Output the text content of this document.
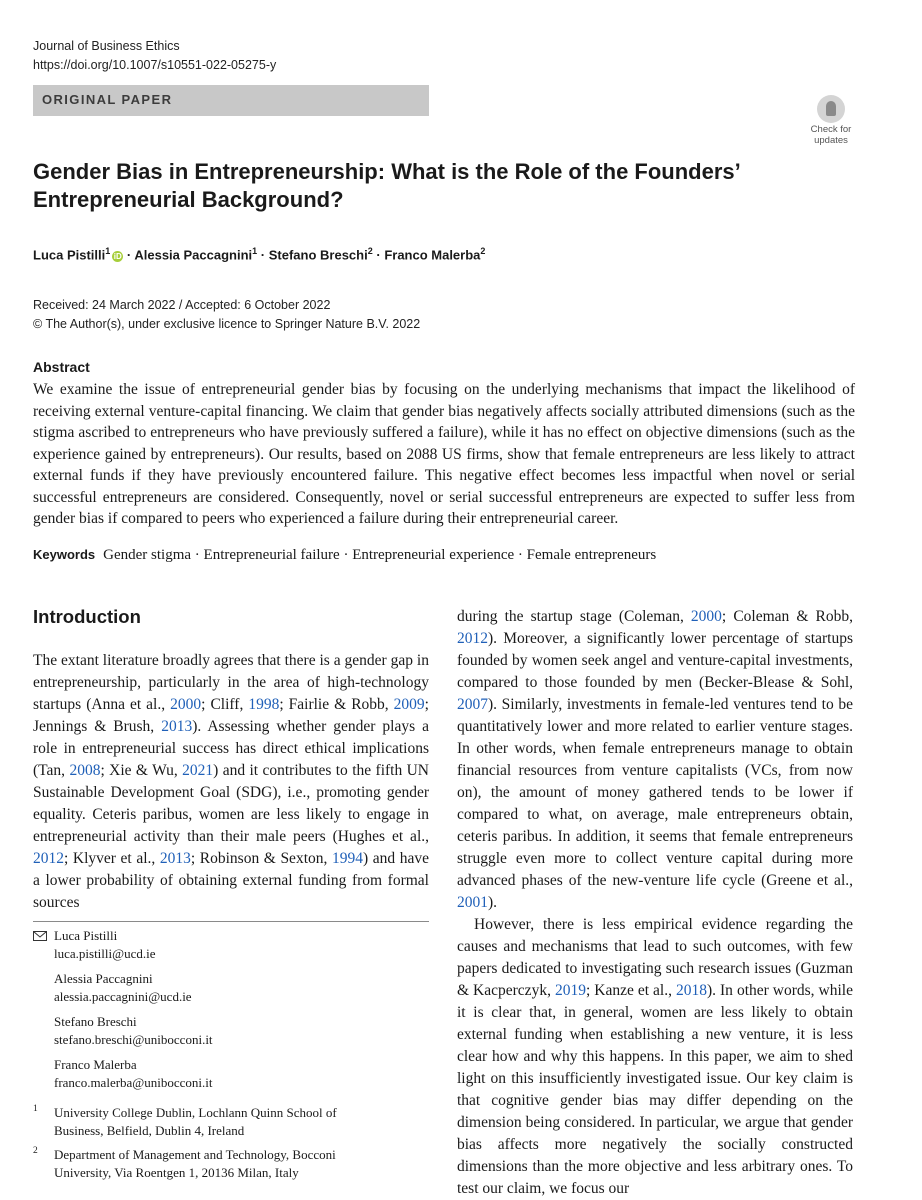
Journal of Business Ethics
https://doi.org/10.1007/s10551-022-05275-y
ORIGINAL PAPER
Check for updates
Gender Bias in Entrepreneurship: What is the Role of the Founders’ Entrepreneurial Background?
Luca Pistilli$^1$iD · Alessia Paccagnini$^1$ · Stefano Breschi$^2$ · Franco Malerba$^2$
Received: 24 March 2022 / Accepted: 6 October 2022
© The Author(s), under exclusive licence to Springer Nature B.V. 2022
Abstract

We examine the issue of entrepreneurial gender bias by focusing on the underlying mechanisms that impact the likelihood of receiving external venture-capital financing. We claim that gender bias negatively affects socially attributed dimensions (such as the stigma ascribed to entrepreneurs who have previously suffered a failure), while it has no effect on objective dimensions (such as the experience gained by entrepreneurs). Our results, based on 2088 US firms, show that female entrepreneurs are less likely to attract external funds if they have previously encountered failure. This negative effect becomes less impactful when novel or serial successful entrepreneurs are considered. Consequently, novel or serial successful entrepreneurs are expected to suffer less from gender bias if compared to peers who experienced a failure during their entrepreneurial career.

Keywords Gender stigma · Entrepreneurial failure · Entrepreneurial experience · Female entrepreneurs
Introduction

The extant literature broadly agrees that there is a gender gap in entrepreneurship, particularly in the area of high-technology startups (Anna et al., 2000; Cliff, 1998; Fairlie & Robb, 2009; Jennings & Brush, 2013). Assessing whether gender plays a role in entrepreneurial success has direct ethical implications (Tan, 2008; Xie & Wu, 2021) and it contributes to the fifth UN Sustainable Development Goal (SDG), i.e., promoting gender equality. Ceteris paribus, women are less likely to engage in entrepreneurial activity than their male peers (Hughes et al., 2012; Klyver et al., 2013; Robinson & Sexton, 1994) and have a lower probability of obtaining external funding from formal sources

during the startup stage (Coleman, 2000; Coleman & Robb, 2012). Moreover, a significantly lower percentage of startups founded by women seek angel and venture-capital investments, compared to those founded by men (Becker-Blease & Sohl, 2007). Similarly, investments in female-led ventures tend to be quantitatively lower and more related to earlier venture stages. In other words, when female entrepreneurs manage to obtain financial resources from venture capitalists (VCs, from now on), the amount of money gathered tends to be lower if compared to what, on average, male entrepreneurs obtain, ceteris paribus. In addition, it seems that female entrepreneurs struggle even more to collect venture capital during more advanced phases of the new-venture life cycle (Greene et al., 2001).

However, there is less empirical evidence regarding the causes and mechanisms that lead to such outcomes, with few papers dedicated to investigating such research issues (Guzman & Kacperczyk, 2019; Kanze et al., 2018). In other words, while it is clear that, in general, women are less likely to obtain external funding when establishing a new venture, it is less clear how and why this happens. In this paper, we aim to shed light on this insufficiently investigated issue. Our key claim is that cognitive gender bias may differ depending on the dimension being considered. In particular, we argue that gender bias affects more negatively the socially constructed dimensions than the more objective and less arbitrary ones. To test our claim, we focus our

Luca Pistilli
luca.pistilli@ucd.ie
Alessia Paccagnini
alessia.paccagnini@ucd.ie
Stefano Breschi
stefano.breschi@unibocconi.it
Franco Malerba
franco.malerba@unibocconi.it
1 University College Dublin, Lochlann Quinn School of Business, Belfield, Dublin 4, Ireland
2 Department of Management and Technology, Bocconi University, Via Roentgen 1, 20136 Milan, Italy
